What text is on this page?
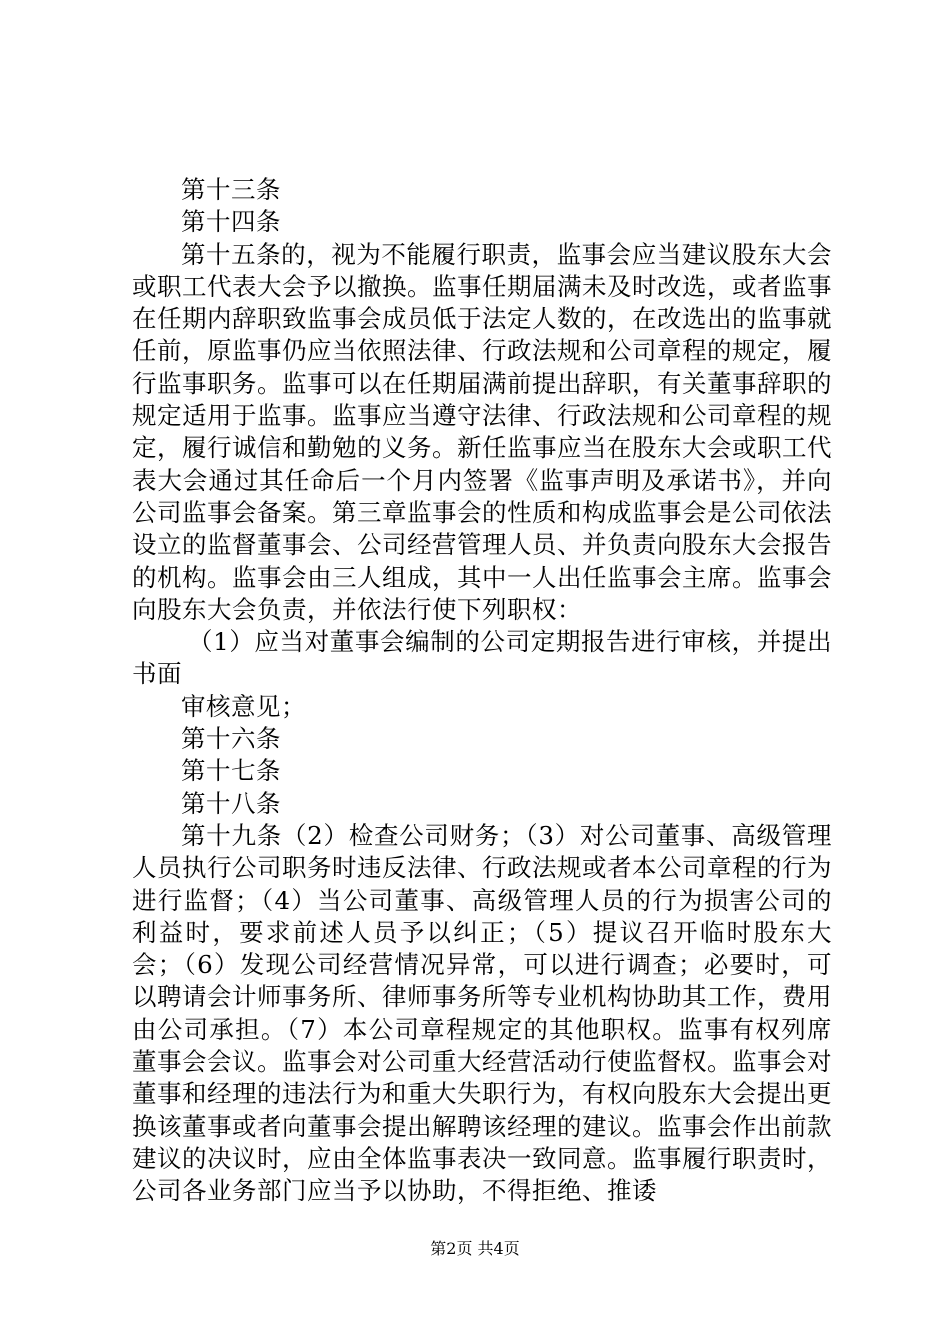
第十三条

第十四条

第十五条的，视为不能履行职责，监事会应当建议股东大会或职工代表大会予以撤换。监事任期届满未及时改选，或者监事在任期内辞职致监事会成员低于法定人数的，在改选出的监事就任前，原监事仍应当依照法律、行政法规和公司章程的规定，履行监事职务。监事可以在任期届满前提出辞职，有关董事辞职的规定适用于监事。监事应当遵守法律、行政法规和公司章程的规定，履行诚信和勤勉的义务。新任监事应当在股东大会或职工代表大会通过其任命后一个月内签署《监事声明及承诺书》，并向公司监事会备案。第三章监事会的性质和构成监事会是公司依法设立的监督董事会、公司经营管理人员、并负责向股东大会报告的机构。监事会由三人组成，其中一人出任监事会主席。监事会向股东大会负责，并依法行使下列职权：

（1）应当对董事会编制的公司定期报告进行审核，并提出书面

审核意见；

第十六条

第十七条

第十八条

第十九条（2）检查公司财务；（3）对公司董事、高级管理人员执行公司职务时违反法律、行政法规或者本公司章程的行为进行监督；（4）当公司董事、高级管理人员的行为损害公司的利益时，要求前述人员予以纠正；（5）提议召开临时股东大会；（6）发现公司经营情况异常，可以进行调查；必要时，可以聘请会计师事务所、律师事务所等专业机构协助其工作，费用由公司承担。（7）本公司章程规定的其他职权。监事有权列席董事会会议。监事会对公司重大经营活动行使监督权。监事会对董事和经理的违法行为和重大失职行为，有权向股东大会提出更换该董事或者向董事会提出解聘该经理的建议。监事会作出前款建议的决议时，应由全体监事表决一致同意。监事履行职责时，公司各业务部门应当予以协助，不得拒绝、推诿

第2页 共4页
